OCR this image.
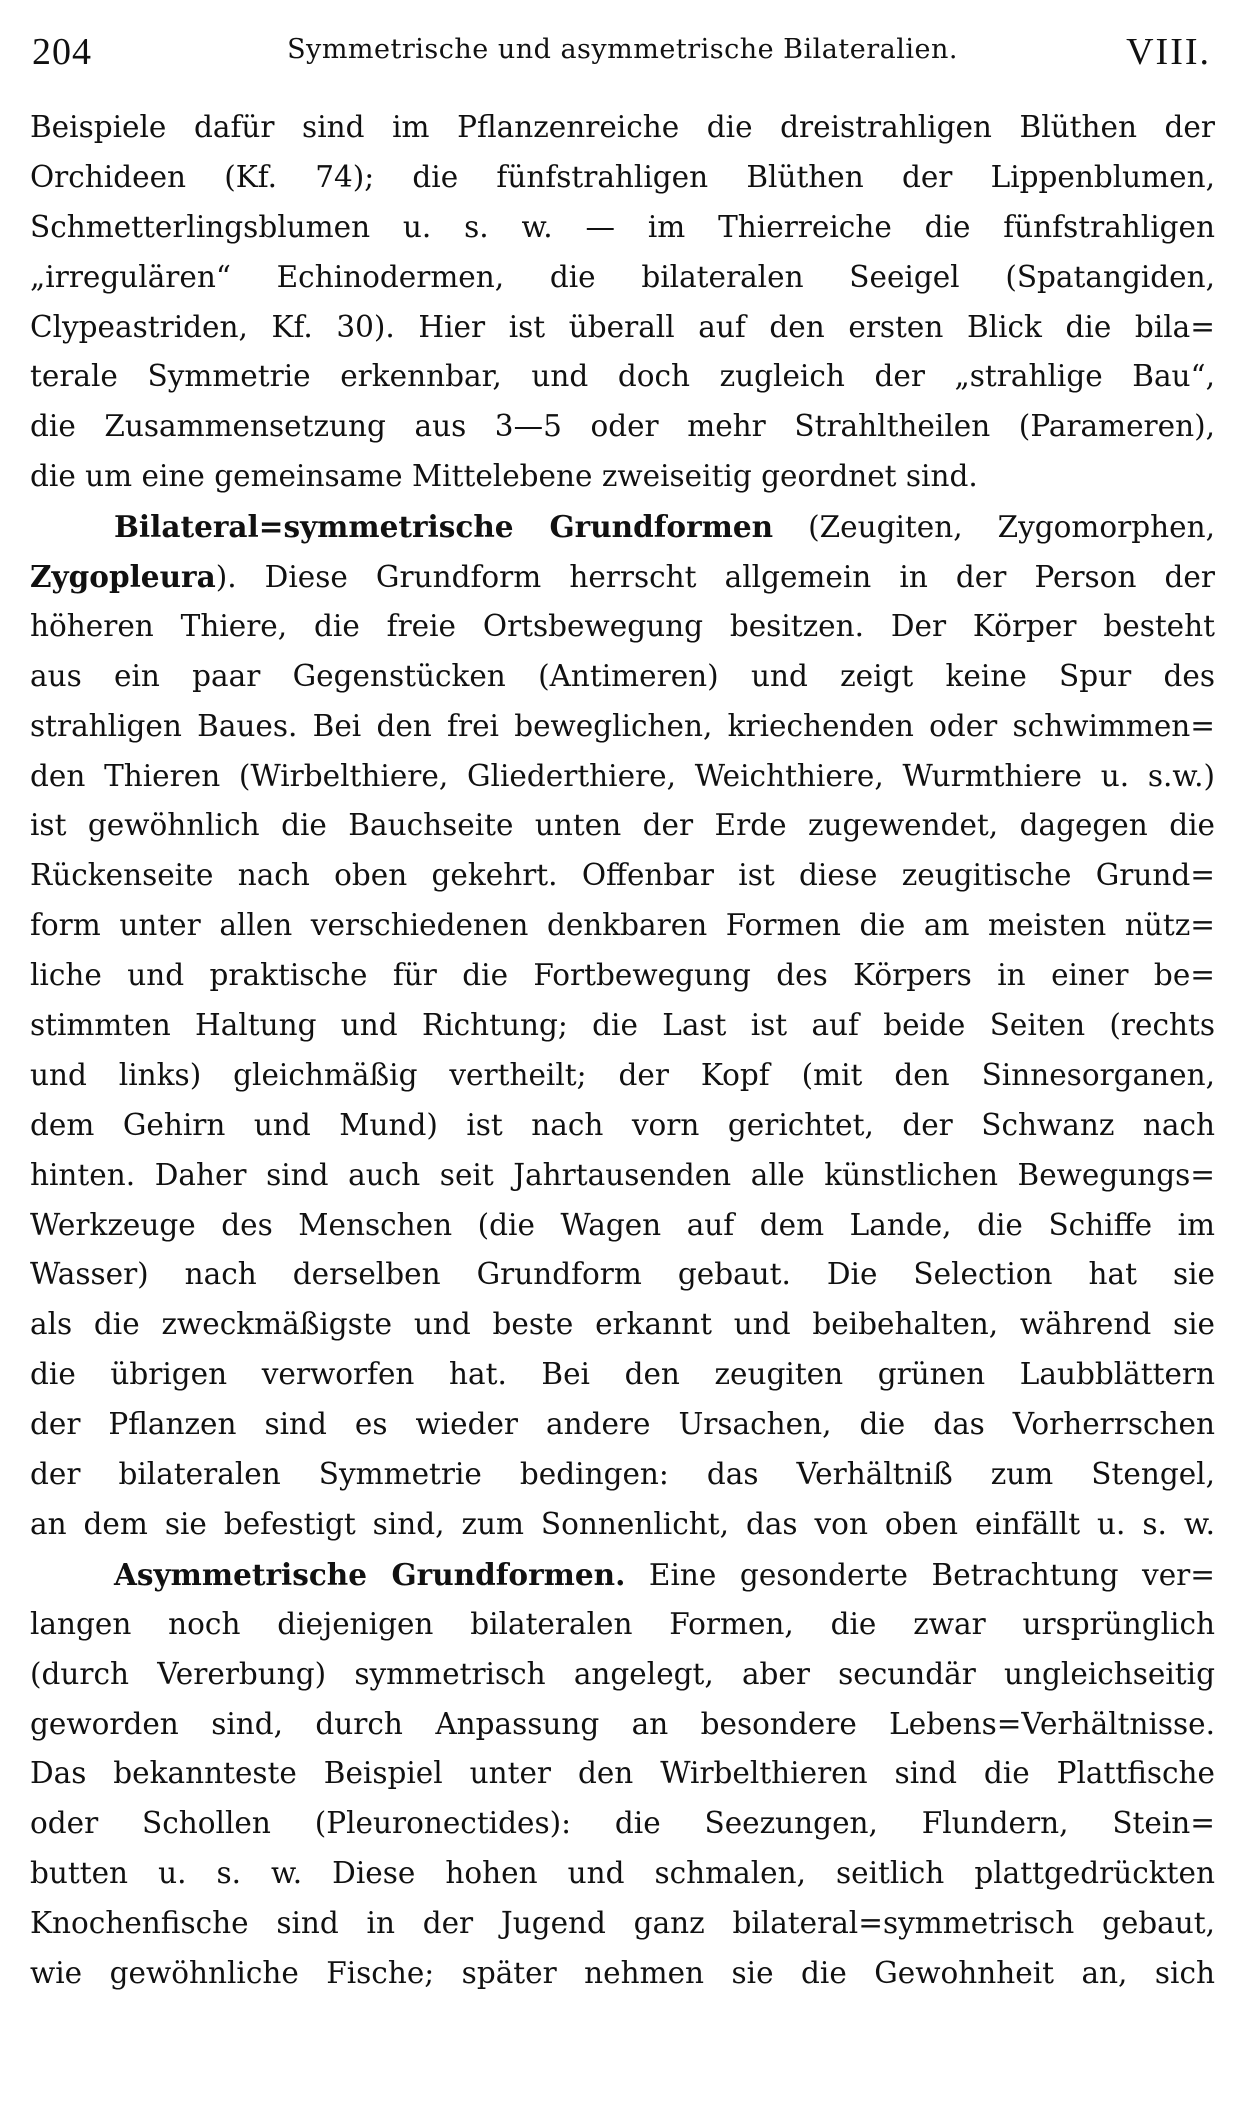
204	Symmetrische und asymmetrische Bilateralien.	VIII.
Beispiele dafür sind im Pflanzenreiche die dreistrahligen Blüthen der
Orchideen (Kf. 74); die fünfstrahligen Blüthen der Lippenblumen,
Schmetterlingsblumen u. s. w. — im Thierreiche die fünfstrahligen
„irregulären“ Echinodermen, die bilateralen Seeigel (Spatangiden,
Clypeastriden, Kf. 30). Hier ist überall auf den ersten Blick die bila=
terale Symmetrie erkennbar, und doch zugleich der „strahlige Bau“,
die Zusammensetzung aus 3—5 oder mehr Strahltheilen (Parameren),
die um eine gemeinsame Mittelebene zweiseitig geordnet sind.
Bilateral=symmetrische Grundformen (Zeugiten, Zygomorphen,
Zygopleura). Diese Grundform herrscht allgemein in der Person der
höheren Thiere, die freie Ortsbewegung besitzen. Der Körper besteht
aus ein paar Gegenstücken (Antimeren) und zeigt keine Spur des
strahligen Baues. Bei den frei beweglichen, kriechenden oder schwimmen=
den Thieren (Wirbelthiere, Gliederthiere, Weichthiere, Wurmthiere u. s.w.)
ist gewöhnlich die Bauchseite unten der Erde zugewendet, dagegen die
Rückenseite nach oben gekehrt. Offenbar ist diese zeugitische Grund=
form unter allen verschiedenen denkbaren Formen die am meisten nütz=
liche und praktische für die Fortbewegung des Körpers in einer be=
stimmten Haltung und Richtung; die Last ist auf beide Seiten (rechts
und links) gleichmäßig vertheilt; der Kopf (mit den Sinnesorganen,
dem Gehirn und Mund) ist nach vorn gerichtet, der Schwanz nach
hinten. Daher sind auch seit Jahrtausenden alle künstlichen Bewegungs=
Werkzeuge des Menschen (die Wagen auf dem Lande, die Schiffe im
Wasser) nach derselben Grundform gebaut. Die Selection hat sie
als die zweckmäßigste und beste erkannt und beibehalten, während sie
die übrigen verworfen hat. Bei den zeugiten grünen Laubblättern
der Pflanzen sind es wieder andere Ursachen, die das Vorherrschen
der bilateralen Symmetrie bedingen: das Verhältniß zum Stengel,
an dem sie befestigt sind, zum Sonnenlicht, das von oben einfällt u. s. w.
Asymmetrische Grundformen. Eine gesonderte Betrachtung ver=
langen noch diejenigen bilateralen Formen, die zwar ursprünglich
(durch Vererbung) symmetrisch angelegt, aber secundär ungleichseitig
geworden sind, durch Anpassung an besondere Lebens=Verhältnisse.
Das bekannteste Beispiel unter den Wirbelthieren sind die Plattfische
oder Schollen (Pleuronectides): die Seezungen, Flundern, Stein=
butten u. s. w. Diese hohen und schmalen, seitlich plattgedrückten
Knochenfische sind in der Jugend ganz bilateral=symmetrisch gebaut,
wie gewöhnliche Fische; später nehmen sie die Gewohnheit an, sich
